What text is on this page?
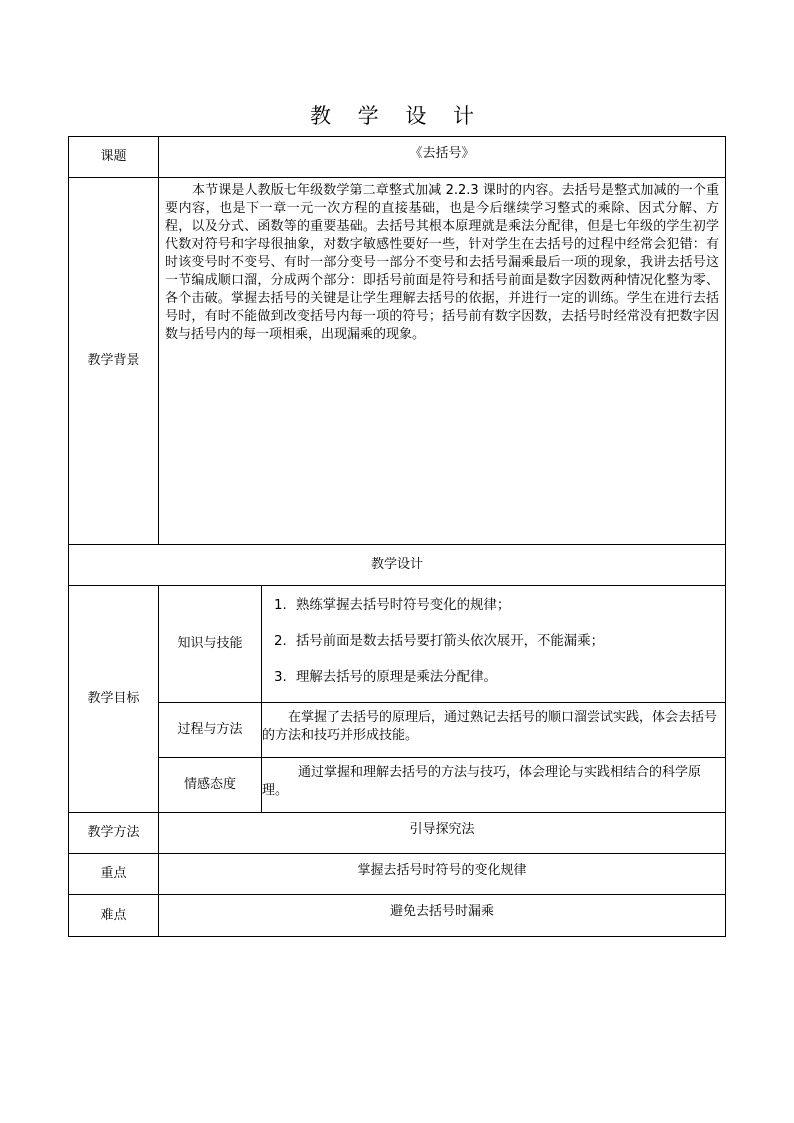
教 学 设 计
课题	《去括号》	
教学背景	本节课是人教版七年级数学第二章整式加减 2.2.3 课时的内容。去括号是整式加减的一个重要内容，也是下一章一元一次方程的直接基础，也是今后继续学习整式的乘除、因式分解、方程，以及分式、函数等的重要基础。去括号其根本原理就是乘法分配律，但是七年级的学生初学代数对符号和字母很抽象，对数字敏感性要好一些，针对学生在去括号的过程中经常会犯错：有时该变号时不变号、有时一部分变号一部分不变号和去括号漏乘最后一项的现象，我讲去括号这一节编成顺口溜，分成两个部分：即括号前面是符号和括号前面是数字因数两种情况化整为零、各个击破。掌握去括号的关键是让学生理解去括号的依据，并进行一定的训练。学生在进行去括号时，有时不能做到改变括号内每一项的符号；括号前有数字因数，去括号时经常没有把数字因数与括号内的每一项相乘，出现漏乘的现象。	
教学设计		
教学目标	知识与技能	1. 熟练掌握去括号时符号变化的规律；
2. 括号前面是数去括号要打箭头依次展开，不能漏乘；
3. 理解去括号的原理是乘法分配律。

	过程与方法	在掌握了去括号的原理后，通过熟记去括号的顺口溜尝试实践，体会去括号的方法和技巧并形成技能。
	情感态度	通过掌握和理解去括号的方法与技巧，体会理论与实践相结合的科学原理。
教学方法	引导探究法	
重点	掌握去括号时符号的变化规律	
难点	避免去括号时漏乘	
